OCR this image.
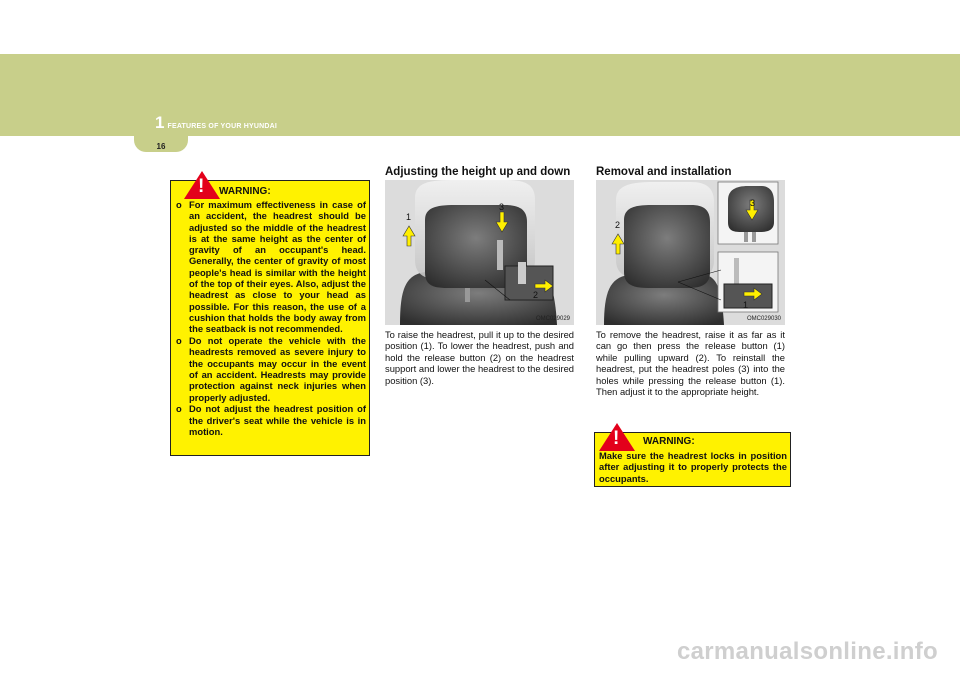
1 FEATURES OF YOUR HYUNDAI
16
! WARNING:
o For maximum effectiveness in case of an accident, the headrest should be adjusted so the middle of the headrest is at the same height as the center of gravity of an occupant's head. Generally, the center of gravity of most people's head is similar with the height of the top of their eyes. Also, adjust the headrest as close to your head as possible. For this reason, the use of a cushion that holds the body away from the seatback is not recommended.
o Do not operate the vehicle with the headrests removed as severe injury to the occupants may occur in the event of an accident. Headrests may provide protection against neck injuries when properly adjusted.
o Do not adjust the headrest position of the driver's seat while the vehicle is in motion.
Adjusting the height up and down
1
2
3
OMC029029
To raise the headrest, pull it up to the desired position (1). To lower the headrest, push and hold the release button (2) on the headrest support and lower the headrest to the desired position (3).
Removal and installation
1
2
3
OMC029030
To remove the headrest, raise it as far as it can go then press the release button (1) while pulling upward (2). To reinstall the headrest, put the headrest poles (3) into the holes while pressing the release button (1). Then adjust it to the appropriate height.
! WARNING:
Make sure the headrest locks in position after adjusting it to properly protects the occupants.
carmanualsonline.info
